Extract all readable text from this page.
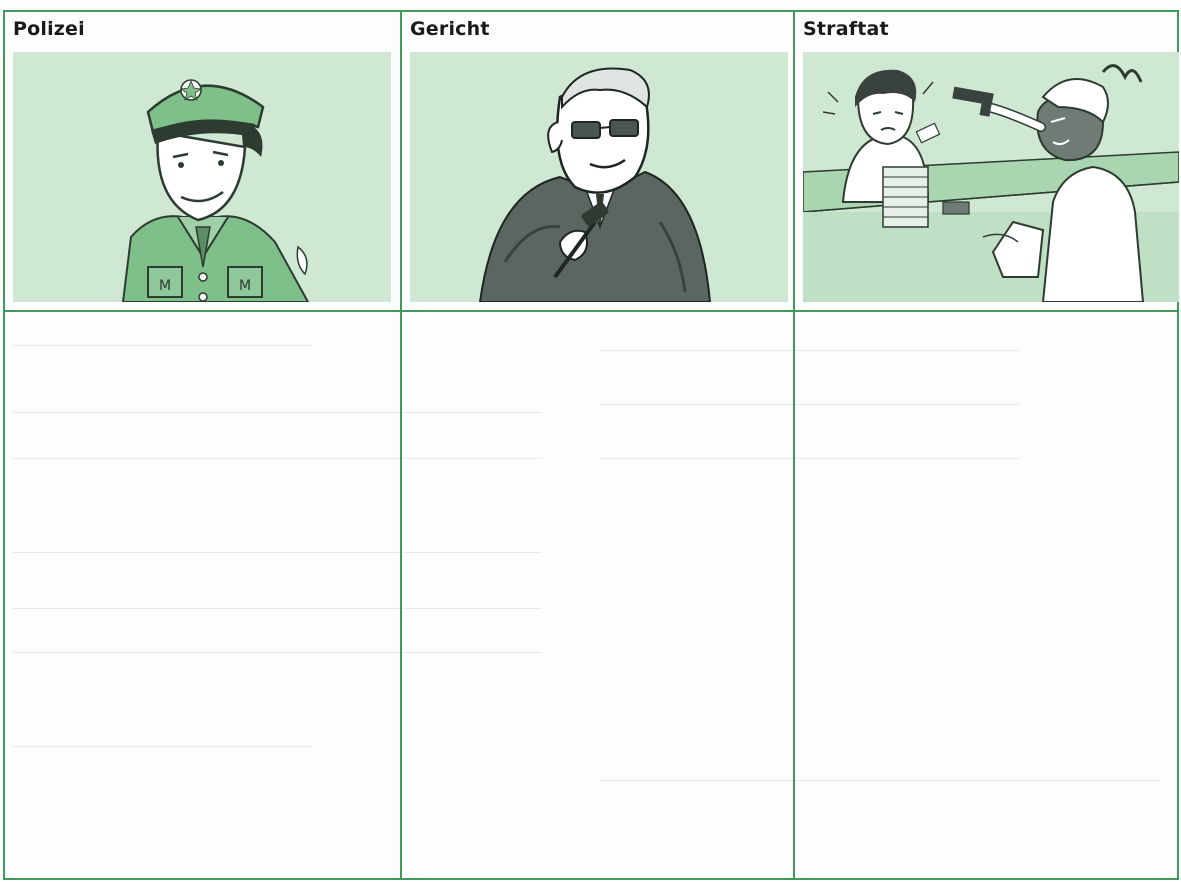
Polizei
M	M
Gericht	Straftat
